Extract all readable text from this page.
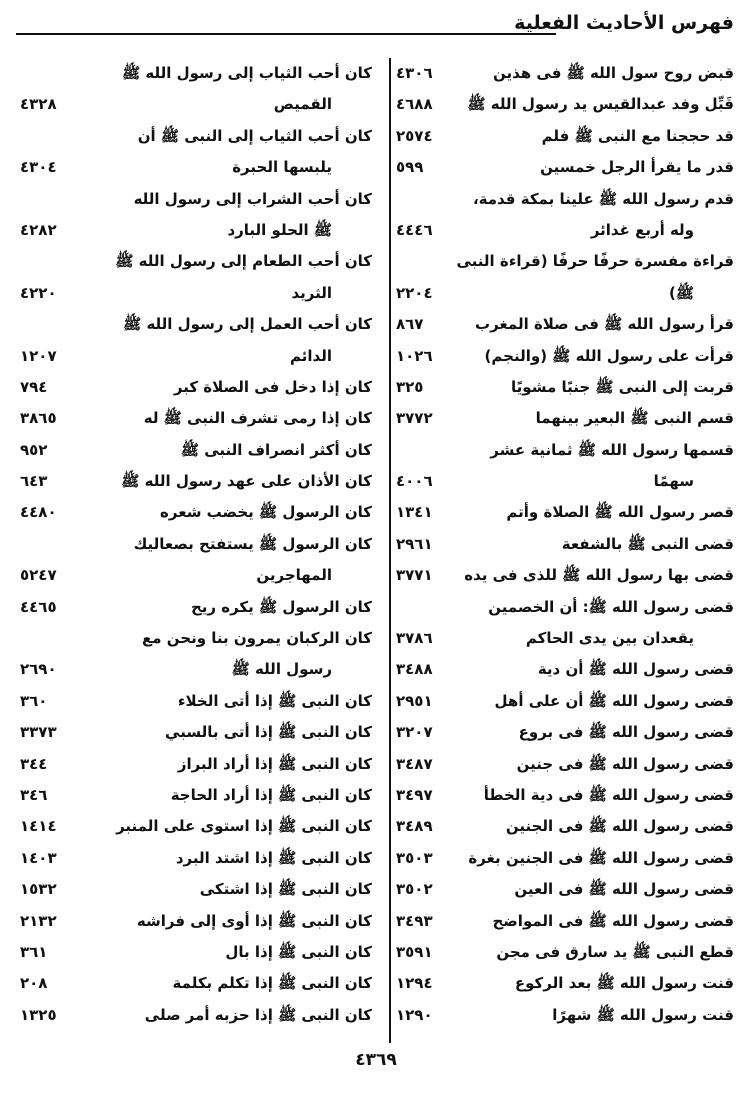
فهرس الأحاديث الفعلية
قبض روح سول الله ﷺ فى هذين
٤٣٠٦
قَبِّل وفد عبدالقيس يد رسول الله ﷺ
٤٦٨٨
قد حججنا مع النبى ﷺ فلم
٢٥٧٤
قدر ما يقرأ الرجل خمسين
٥٩٩
قدم رسول الله ﷺ علينا بمكة قدمة،
وله أربع غدائر
٤٤٤٦
قراءة مفسرة حرفًا حرفًا (قراءة النبى
ﷺ)
٢٢٠٤
قرأ رسول الله ﷺ فى صلاة المغرب
٨٦٧
قرأت على رسول الله ﷺ (والنجم)
١٠٢٦
قربت إلى النبى ﷺ جنبًا مشويًا
٣٢٥
قسم النبى ﷺ البعير بينهما
٣٧٧٢
قسمها رسول الله ﷺ ثمانية عشر
سهمًا
٤٠٠٦
قصر رسول الله ﷺ الصلاة وأتم
١٣٤١
قضى النبى ﷺ بالشفعة
٢٩٦١
قضى بها رسول الله ﷺ للذى فى يده
٣٧٧١
قضى رسول الله ﷺ: أن الخصمين
يقعدان بين يدى الحاكم
٣٧٨٦
قضى رسول الله ﷺ أن دية
٣٤٨٨
قضى رسول الله ﷺ أن على أهل
٢٩٥١
قضى رسول الله ﷺ فى بروع
٣٢٠٧
قضى رسول الله ﷺ فى جنين
٣٤٨٧
قضى رسول الله ﷺ فى دية الخطأ
٣٤٩٧
قضى رسول الله ﷺ فى الجنين
٣٤٨٩
قضى رسول الله ﷺ فى الجنين بغرة
٣٥٠٣
قضى رسول الله ﷺ فى العين
٣٥٠٢
قضى رسول الله ﷺ فى المواضح
٣٤٩٣
قطع النبى ﷺ يد سارق فى مجن
٣٥٩١
قنت رسول الله ﷺ بعد الركوع
١٢٩٤
قنت رسول الله ﷺ شهرًا
١٢٩٠
كان أحب الثياب إلى رسول الله ﷺ
القميص
٤٣٢٨
كان أحب الثياب إلى النبى ﷺ أن
يلبسها الحبرة
٤٣٠٤
كان أحب الشراب إلى رسول الله
ﷺ الحلو البارد
٤٢٨٢
كان أحب الطعام إلى رسول الله ﷺ
الثريد
٤٢٢٠
كان أحب العمل إلى رسول الله ﷺ
الدائم
١٢٠٧
كان إذا دخل فى الصلاة كبر
٧٩٤
كان إذا رمى تشرف النبى ﷺ له
٣٨٦٥
كان أكثر انصراف النبى ﷺ
٩٥٢
كان الأذان على عهد رسول الله ﷺ
٦٤٣
كان الرسول ﷺ يخضب شعره
٤٤٨٠
كان الرسول ﷺ يستفتح بصعاليك
المهاجرين
٥٢٤٧
كان الرسول ﷺ يكره ريح
٤٤٦٥
كان الركبان يمرون بنا ونحن مع
رسول الله ﷺ
٢٦٩٠
كان النبى ﷺ إذا أتى الخلاء
٣٦٠
كان النبى ﷺ إذا أتى بالسبي
٣٣٧٣
كان النبى ﷺ إذا أراد البراز
٣٤٤
كان النبى ﷺ إذا أراد الحاجة
٣٤٦
كان النبى ﷺ إذا استوى على المنبر
١٤١٤
كان النبى ﷺ إذا اشتد البرد
١٤٠٣
كان النبى ﷺ إذا اشتكى
١٥٣٢
كان النبى ﷺ إذا أوى إلى فراشه
٢١٣٢
كان النبى ﷺ إذا بال
٣٦١
كان النبى ﷺ إذا تكلم بكلمة
٢٠٨
كان النبى ﷺ إذا حزبه أمر صلى
١٣٢٥
٤٣٦٩
